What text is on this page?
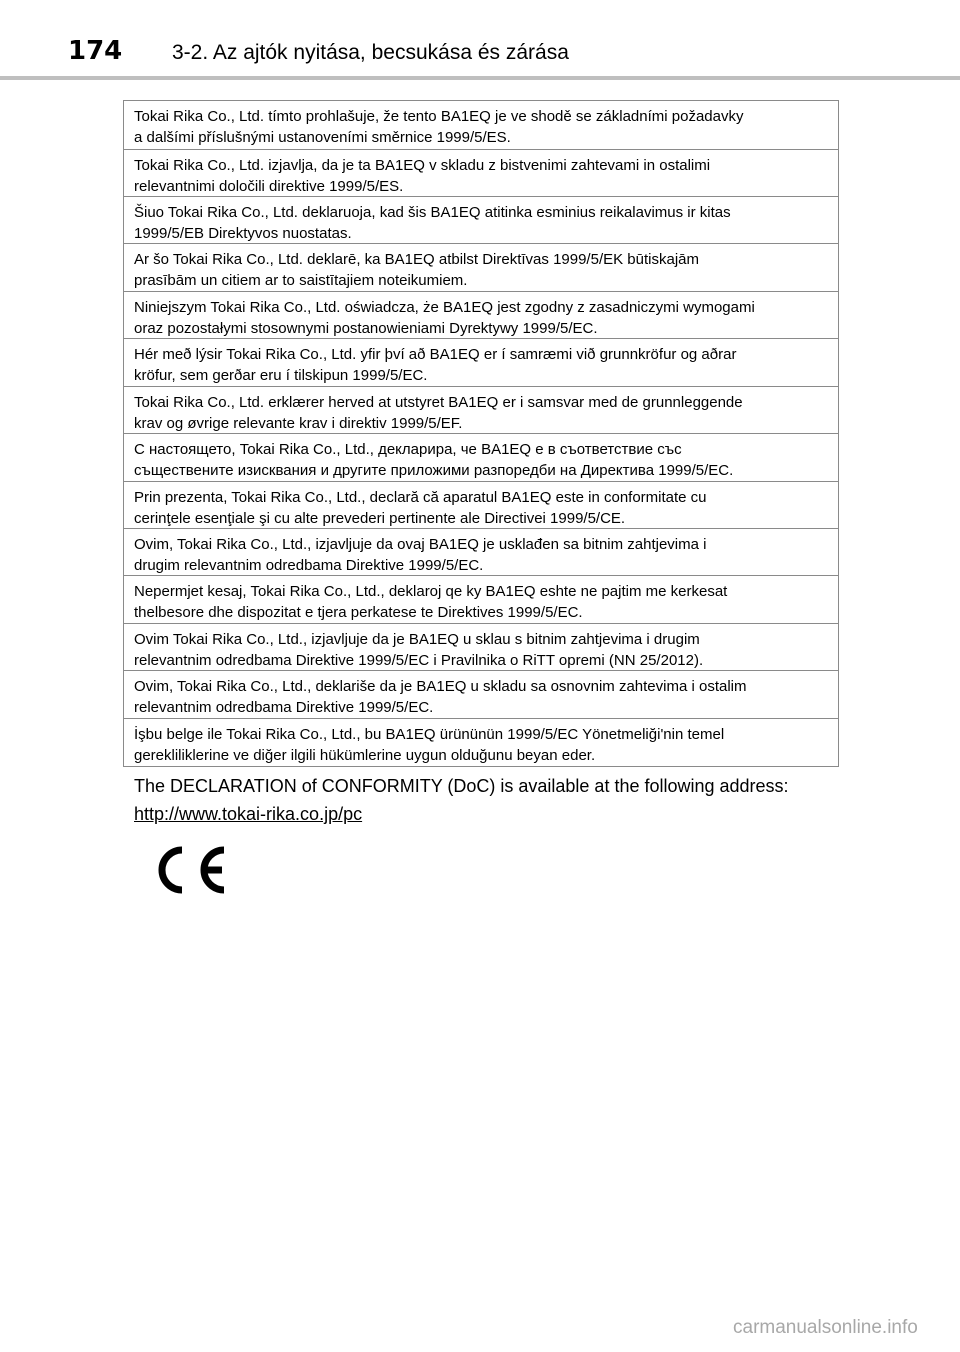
174 3-2. Az ajtók nyitása, becsukása és zárása
Tokai Rika Co., Ltd. tímto prohlašuje, že tento BA1EQ je ve shodě se základními požadavky
a dalšími příslušnými ustanoveními směrnice 1999/5/ES.
Tokai Rika Co., Ltd. izjavlja, da je ta BA1EQ v skladu z bistvenimi zahtevami in ostalimi
relevantnimi določili direktive 1999/5/ES.
Šiuo Tokai Rika Co., Ltd. deklaruoja, kad šis BA1EQ atitinka esminius reikalavimus ir kitas
1999/5/EB Direktyvos nuostatas.
Ar šo Tokai Rika Co., Ltd. deklarē, ka BA1EQ atbilst Direktīvas 1999/5/EK būtiskajām
prasībām un citiem ar to saistītajiem noteikumiem.
Niniejszym Tokai Rika Co., Ltd. oświadcza, że BA1EQ jest zgodny z zasadniczymi wymogami
oraz pozostałymi stosownymi postanowieniami Dyrektywy 1999/5/EC.
Hér með lýsir Tokai Rika Co., Ltd. yfir því að BA1EQ er í samræmi við grunnkröfur og aðrar
kröfur, sem gerðar eru í tilskipun 1999/5/EC.
Tokai Rika Co., Ltd. erklærer herved at utstyret BA1EQ er i samsvar med de grunnleggende
krav og øvrige relevante krav i direktiv 1999/5/EF.
С настоящето, Tokai Rika Co., Ltd., декларира, че BA1EQ е в съответствие със
съществените изисквания и другите приложими разпоредби на Директива 1999/5/ЕС.
Prin prezenta, Tokai Rika Co., Ltd., declară că aparatul BA1EQ este in conformitate cu
cerinţele esenţiale şi cu alte prevederi pertinente ale Directivei 1999/5/CE.
Ovim, Tokai Rika Co., Ltd., izjavljuje da ovaj BA1EQ je usklađen sa bitnim zahtjevima i
drugim relevantnim odredbama Direktive 1999/5/EC.
Nepermjet kesaj, Tokai Rika Co., Ltd., deklaroj qe ky BA1EQ eshte ne pajtim me kerkesat
thelbesore dhe dispozitat e tjera perkatese te Direktives 1999/5/EC.
Ovim Tokai Rika Co., Ltd., izjavljuje da je BA1EQ u sklau s bitnim zahtjevima i drugim
relevantnim odredbama Direktive 1999/5/EC i Pravilnika o RiTT opremi (NN 25/2012).
Ovim, Tokai Rika Co., Ltd., deklariše da je BA1EQ u skladu sa osnovnim zahtevima i ostalim
relevantnim odredbama Direktive 1999/5/EC.
İşbu belge ile Tokai Rika Co., Ltd., bu BA1EQ ürününün 1999/5/EC Yönetmeliği'nin temel
gerekliliklerine ve diğer ilgili hükümlerine uygun olduğunu beyan eder.
The DECLARATION of CONFORMITY (DoC) is available at the following address:
http://www.tokai-rika.co.jp/pc
carmanualsonline.info
